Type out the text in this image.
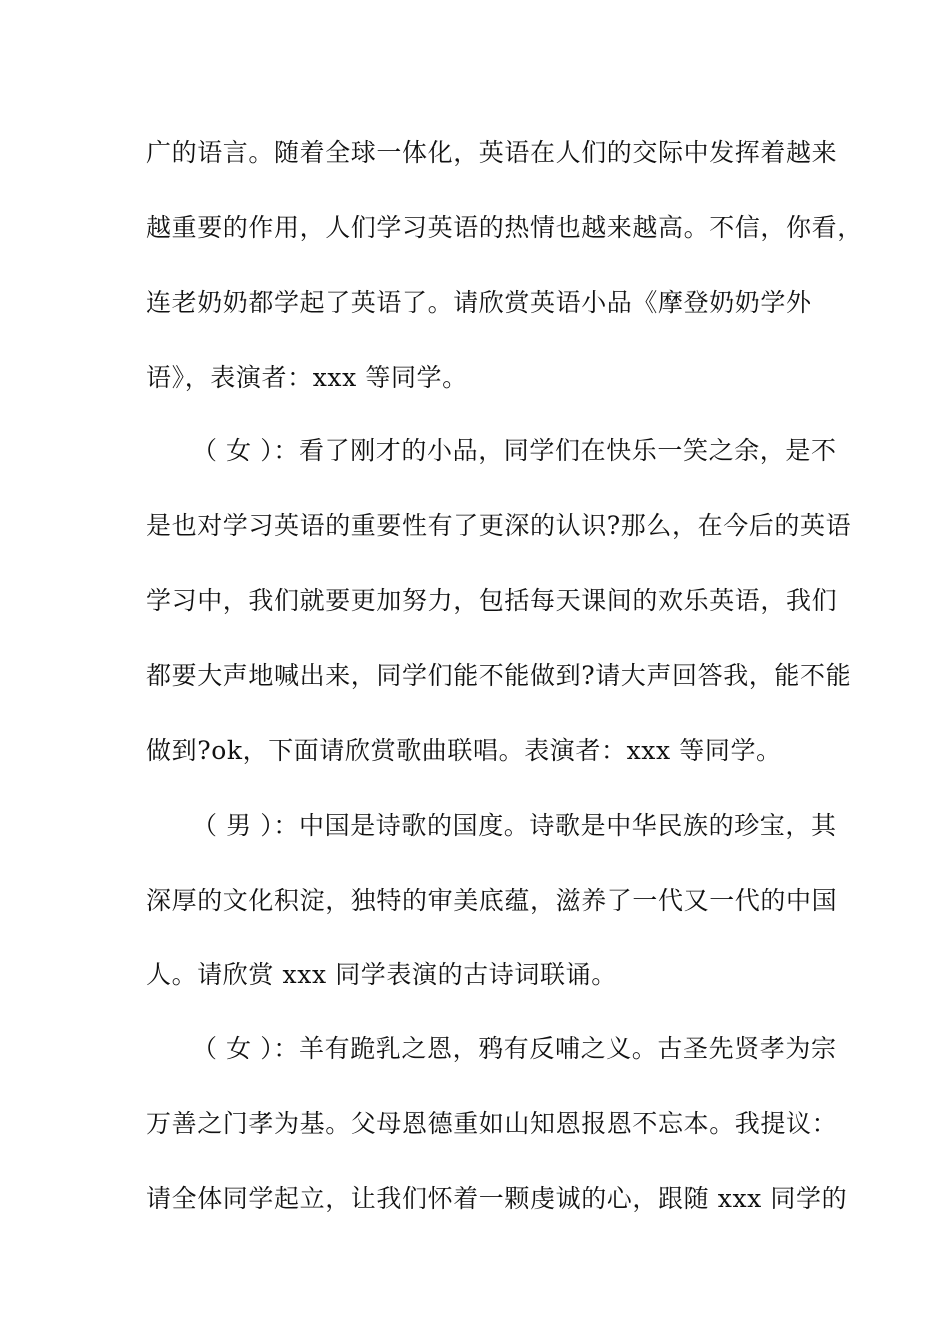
广的语言。随着全球一体化，英语在人们的交际中发挥着越来
越重要的作用，人们学习英语的热情也越来越高。不信，你看，
连老奶奶都学起了英语了。请欣赏英语小品《摩登奶奶学外
语》，表演者：xxx 等同学。
（ 女 ）：看了刚才的小品，同学们在快乐一笑之余，是不
是也对学习英语的重要性有了更深的认识?那么，在今后的英语
学习中，我们就要更加努力，包括每天课间的欢乐英语，我们
都要大声地喊出来，同学们能不能做到?请大声回答我，能不能
做到?ok，下面请欣赏歌曲联唱。表演者：xxx 等同学。
（ 男 ）：中国是诗歌的国度。诗歌是中华民族的珍宝，其
深厚的文化积淀，独特的审美底蕴，滋养了一代又一代的中国
人。请欣赏 xxx 同学表演的古诗词联诵。
（ 女 ）：羊有跪乳之恩，鸦有反哺之义。古圣先贤孝为宗
万善之门孝为基。父母恩德重如山知恩报恩不忘本。我提议：
请全体同学起立，让我们怀着一颗虔诚的心，跟随 xxx 同学的
